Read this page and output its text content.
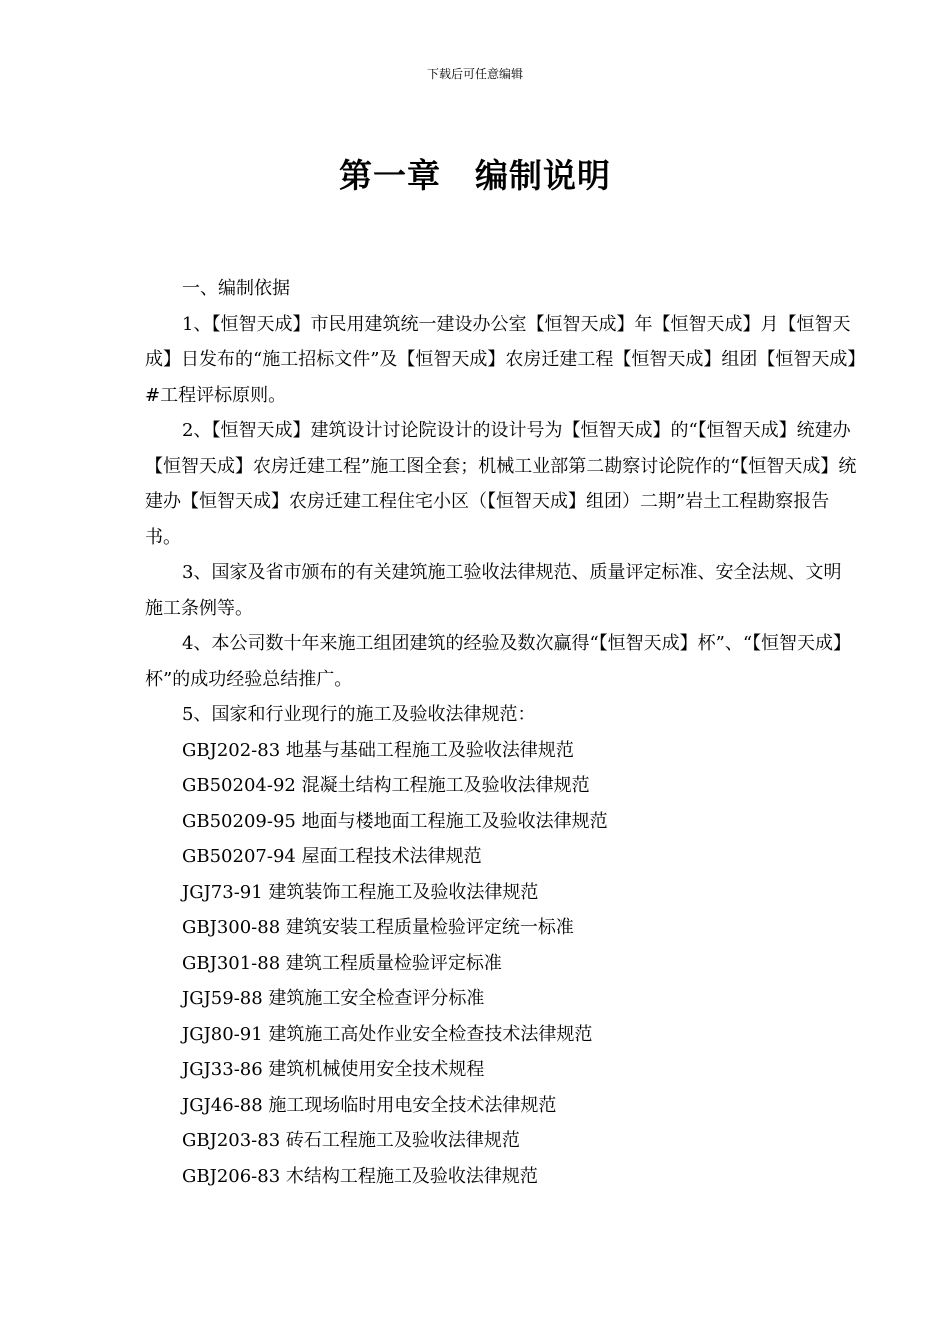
下载后可任意编辑
第一章　编制说明

一、编制依据

1、【恒智天成】市民用建筑统一建设办公室【恒智天成】年【恒智天成】月【恒智天成】日发布的“施工招标文件”及【恒智天成】农房迁建工程【恒智天成】组团【恒智天成】#工程评标原则。

2、【恒智天成】建筑设计讨论院设计的设计号为【恒智天成】的“【恒智天成】统建办【恒智天成】农房迁建工程”施工图全套；机械工业部第二勘察讨论院作的“【恒智天成】统建办【恒智天成】农房迁建工程住宅小区（【恒智天成】组团）二期”岩土工程勘察报告书。

3、国家及省市颁布的有关建筑施工验收法律规范、质量评定标准、安全法规、文明施工条例等。

4、本公司数十年来施工组团建筑的经验及数次赢得“【恒智天成】杯”、“【恒智天成】杯”的成功经验总结推广。

5、国家和行业现行的施工及验收法律规范：

GBJ202-83 地基与基础工程施工及验收法律规范

GB50204-92 混凝土结构工程施工及验收法律规范

GB50209-95 地面与楼地面工程施工及验收法律规范

GB50207-94 屋面工程技术法律规范

JGJ73-91 建筑装饰工程施工及验收法律规范

GBJ300-88 建筑安装工程质量检验评定统一标准

GBJ301-88 建筑工程质量检验评定标准

JGJ59-88 建筑施工安全检查评分标准

JGJ80-91 建筑施工高处作业安全检查技术法律规范

JGJ33-86 建筑机械使用安全技术规程

JGJ46-88 施工现场临时用电安全技术法律规范

GBJ203-83 砖石工程施工及验收法律规范

GBJ206-83 木结构工程施工及验收法律规范
